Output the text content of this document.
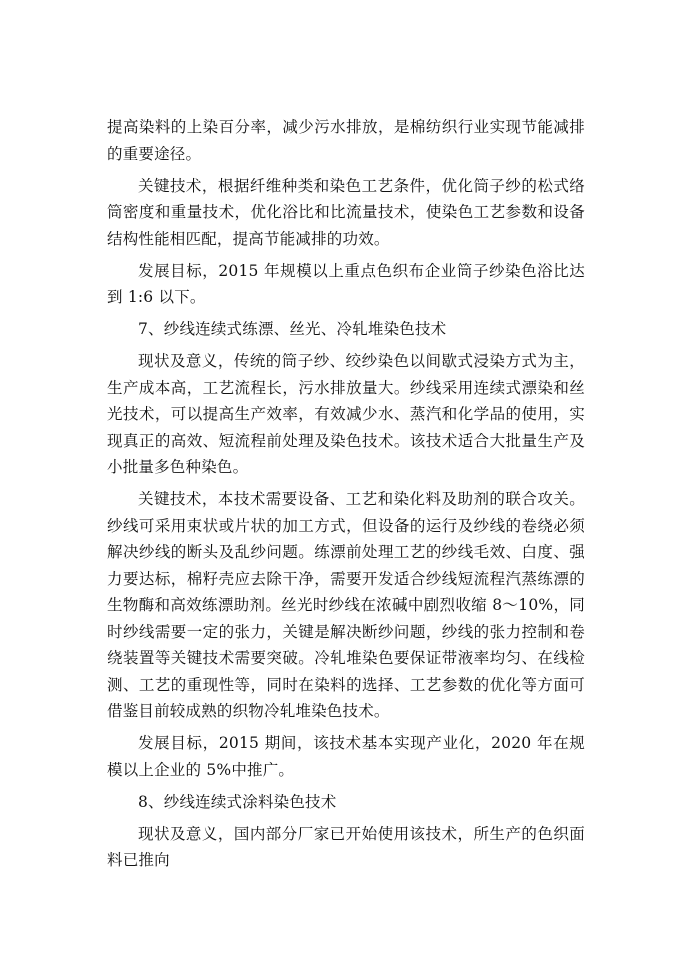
提高染料的上染百分率，减少污水排放，是棉纺织行业实现节能减排的重要途径。

关键技术，根据纤维种类和染色工艺条件，优化筒子纱的松式络筒密度和重量技术，优化浴比和比流量技术，使染色工艺参数和设备结构性能相匹配，提高节能减排的功效。

发展目标，2015 年规模以上重点色织布企业筒子纱染色浴比达到 1:6 以下。

7、纱线连续式练漂、丝光、冷轧堆染色技术

现状及意义，传统的筒子纱、绞纱染色以间歇式浸染方式为主，生产成本高，工艺流程长，污水排放量大。纱线采用连续式漂染和丝光技术，可以提高生产效率，有效减少水、蒸汽和化学品的使用，实现真正的高效、短流程前处理及染色技术。该技术适合大批量生产及小批量多色种染色。

关键技术，本技术需要设备、工艺和染化料及助剂的联合攻关。纱线可采用束状或片状的加工方式，但设备的运行及纱线的卷绕必须解决纱线的断头及乱纱问题。练漂前处理工艺的纱线毛效、白度、强力要达标，棉籽壳应去除干净，需要开发适合纱线短流程汽蒸练漂的生物酶和高效练漂助剂。丝光时纱线在浓碱中剧烈收缩 8～10%，同时纱线需要一定的张力，关键是解决断纱问题，纱线的张力控制和卷绕装置等关键技术需要突破。冷轧堆染色要保证带液率均匀、在线检测、工艺的重现性等，同时在染料的选择、工艺参数的优化等方面可借鉴目前较成熟的织物冷轧堆染色技术。

发展目标，2015 期间，该技术基本实现产业化，2020 年在规模以上企业的 5%中推广。

8、纱线连续式涂料染色技术

现状及意义，国内部分厂家已开始使用该技术，所生产的色织面料已推向
